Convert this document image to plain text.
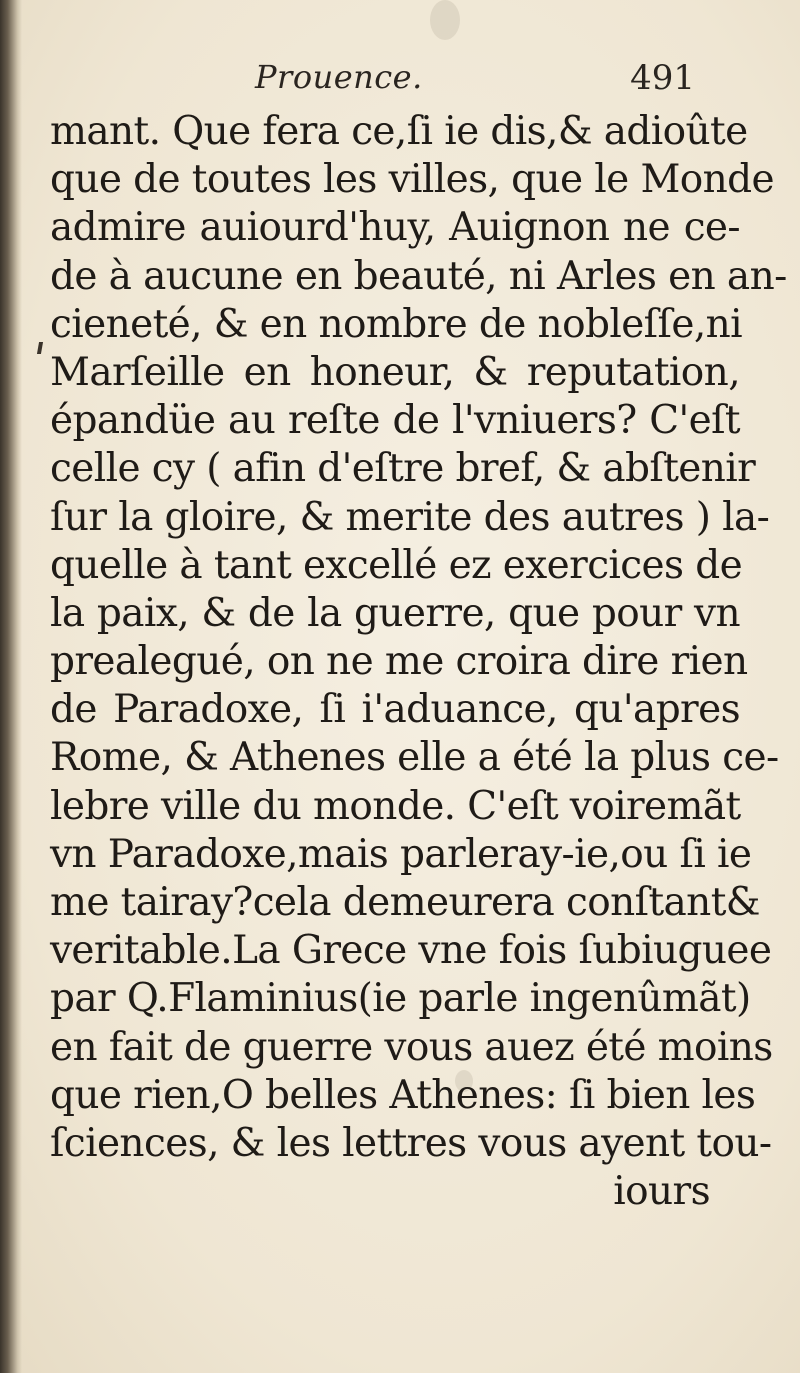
Prouence.	491
mant. Que fera ce,ſi ie dis,& adioûte
que de toutes les villes, que le Monde
admire auiourd'huy, Auignon ne ce-
de à aucune en beauté, ni Arles en an-
cieneté, & en nombre de nobleſſe,ni
Marſeille en honeur, & reputation,
épandüe au reſte de l'vniuers? C'eſt
celle cy ( afin d'eſtre bref, & abſtenir
ſur la gloire, & merite des autres ) la-
quelle à tant excellé ez exercices de
la paix, & de la guerre, que pour vn
prealegué, on ne me croira dire rien
de Paradoxe, ſi i'aduance, qu'apres
Rome, & Athenes elle a été la plus ce-
lebre ville du monde. C'eſt voiremãt
vn Paradoxe,mais parleray-ie,ou ſi ie
me tairay?cela demeurera conſtant&
veritable.La Grece vne fois ſubiuguee
par Q.Flaminius(ie parle ingenûmãt)
en fait de guerre vous auez été moins
que rien,O belles Athenes: ſi bien les
ſciences, & les lettres vous ayent tou-
iours
